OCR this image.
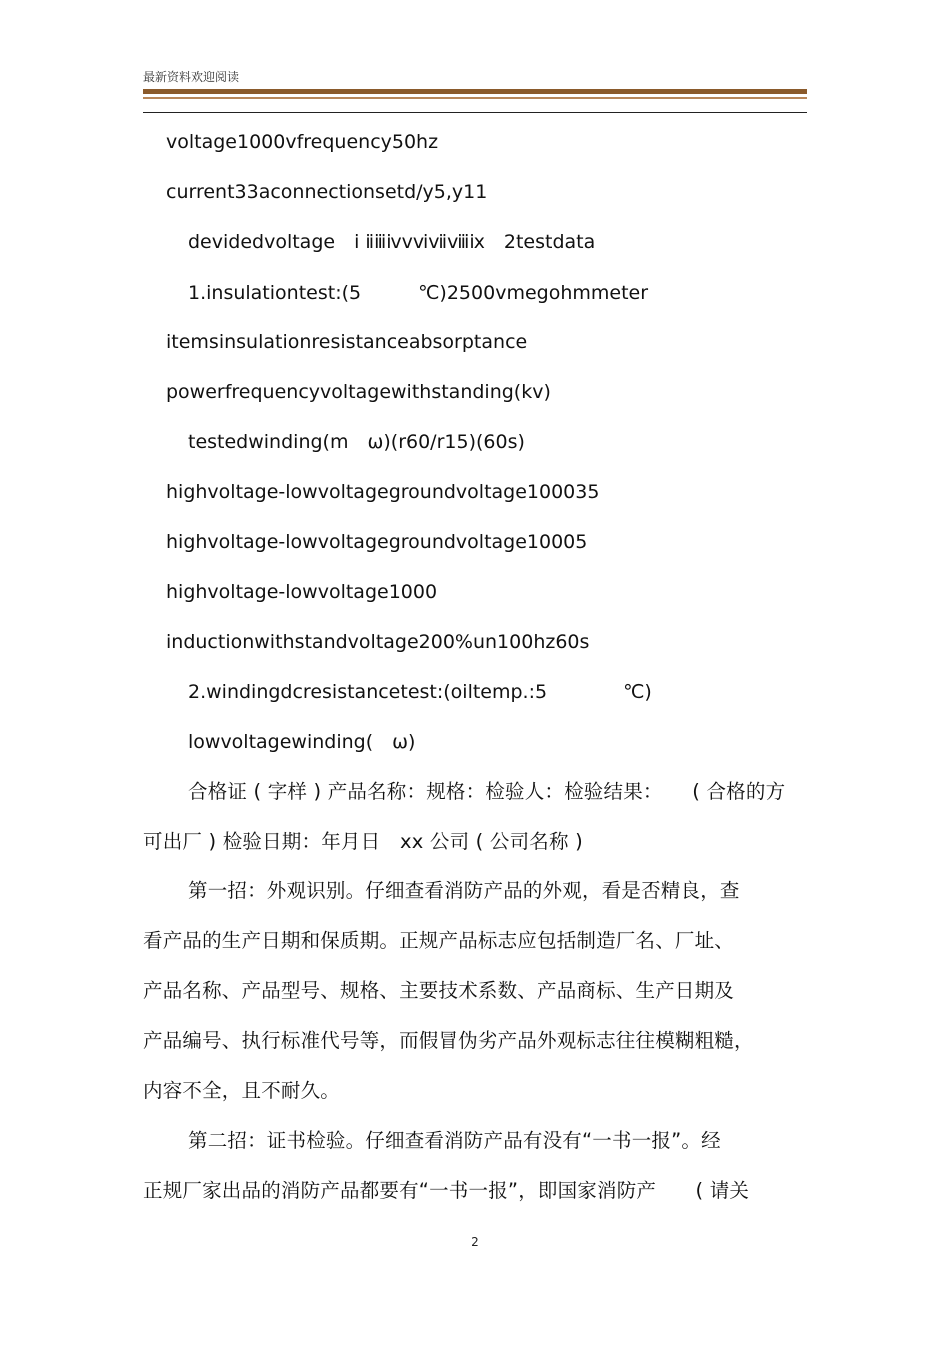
最新资料欢迎阅读
voltage1000vfrequency50hz
current33aconnectionsetd/y5,y11
devidedvoltage　ⅰ ⅱⅲⅳⅴⅵⅶⅷⅸ　2testdata
1.insulationtest:(5　　　℃)2500vmegohmmeter
itemsinsulationresistanceabsorptance
powerfrequencyvoltagewithstanding(kv)
testedwinding(m　ω)(r60/r15)(60s)
highvoltage-lowvoltagegroundvoltage100035
highvoltage-lowvoltagegroundvoltage10005
highvoltage-lowvoltage1000
inductionwithstandvoltage200%un100hz60s
2.windingdcresistancetest:(oiltemp.:5　　　　℃)
lowvoltagewinding(　ω)
合格证 ( 字样 ) 产品名称：规格：检验人：检验结果：　　( 合格的方
可出厂 ) 检验日期：年月日　xx 公司 ( 公司名称 )
第一招：外观识别。仔细查看消防产品的外观，看是否精良，查
看产品的生产日期和保质期。正规产品标志应包括制造厂名、厂址、
产品名称、产品型号、规格、主要技术系数、产品商标、生产日期及
产品编号、执行标准代号等，而假冒伪劣产品外观标志往往模糊粗糙，
内容不全，且不耐久。
第二招：证书检验。仔细查看消防产品有没有“一书一报”。经
正规厂家出品的消防产品都要有“一书一报”，即国家消防产　　( 请关
2
